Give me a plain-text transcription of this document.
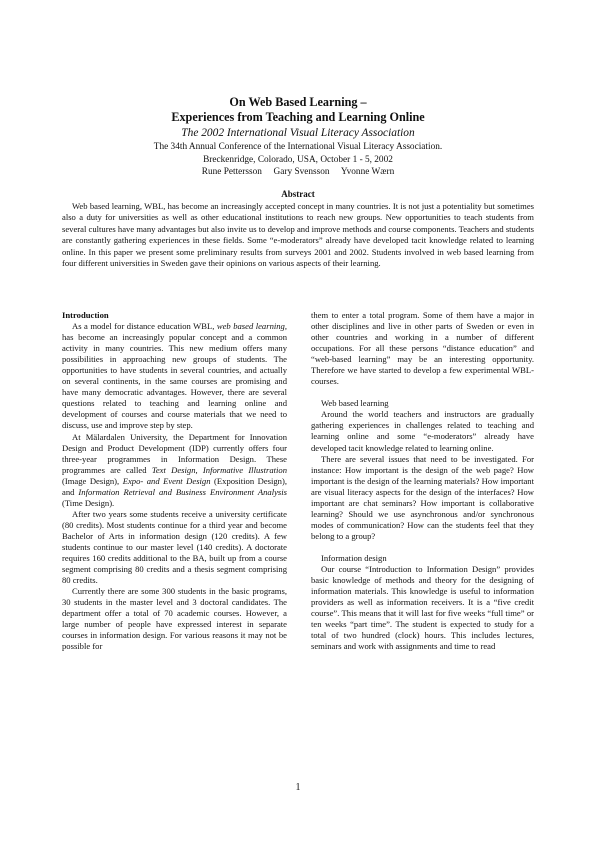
On Web Based Learning –
Experiences from Teaching and Learning Online
The 2002 International Visual Literacy Association
The 34th Annual Conference of the International Visual Literacy Association.
Breckenridge, Colorado, USA, October 1 - 5, 2002
Rune Pettersson     Gary Svensson     Yvonne Wærn
Abstract
Web based learning, WBL, has become an increasingly accepted concept in many countries. It is not just a potentiality but sometimes also a duty for universities as well as other educational institutions to reach new groups. New opportunities to teach students from several cultures have many advantages but also invite us to develop and improve methods and course components. Teachers and students are constantly gathering experiences in these fields. Some “e-moderators” already have developed tacit knowledge related to learning online. In this paper we present some preliminary results from surveys 2001 and 2002. Students involved in web based learning from four different universities in Sweden gave their opinions on various aspects of their learning.
Introduction

As a model for distance education WBL, web based learning, has become an increasingly popular concept and a common activity in many countries. This new medium offers many possibilities in approaching new groups of students. The opportunities to have students in several countries, and actually on several continents, in the same courses are promising and have many democratic advantages. However, there are several questions related to teaching and learning online and development of courses and course materials that we need to discuss, use and improve step by step.

At Mälardalen University, the Department for Innovation Design and Product Development (IDP) currently offers four three-year programmes in Information Design. These programmes are called Text Design, Informative Illustration (Image Design), Expo- and Event Design (Exposition Design), and Information Retrieval and Business Environment Analysis (Time Design).

After two years some students receive a university certificate (80 credits). Most students continue for a third year and become Bachelor of Arts in information design (120 credits). A few students continue to our master level (140 credits). A doctorate requires 160 credits additional to the BA, built up from a course segment comprising 80 credits and a thesis segment comprising 80 credits.

Currently there are some 300 students in the basic programs, 30 students in the master level and 3 doctoral candidates. The department offer a total of 70 academic courses. However, a large number of people have expressed interest in separate courses in information design. For various reasons it may not be possible for

them to enter a total program. Some of them have a major in other disciplines and live in other parts of Sweden or even in other countries and working in a number of different occupations. For all these persons “distance education” and “web-based learning” may be an interesting opportunity. Therefore we have started to develop a few experimental WBL-courses.

Web based learning

Around the world teachers and instructors are gradually gathering experiences in challenges related to teaching and learning online and some “e-moderators” already have developed tacit knowledge related to learning online.

There are several issues that need to be investigated. For instance: How important is the design of the web page? How important is the design of the learning materials? How important are visual literacy aspects for the design of the interfaces? How important are chat seminars? How important is collaborative learning? Should we use asynchronous and/or synchronous modes of communication? How can the students feel that they belong to a group?

Information design

Our course “Introduction to Information Design” provides basic knowledge of methods and theory for the designing of information materials. This knowledge is useful to information providers as well as information receivers. It is a “five credit course”. This means that it will last for five weeks “full time” or ten weeks “part time”. The student is expected to study for a total of two hundred (clock) hours. This includes lectures, seminars and work with assignments and time to read

1
